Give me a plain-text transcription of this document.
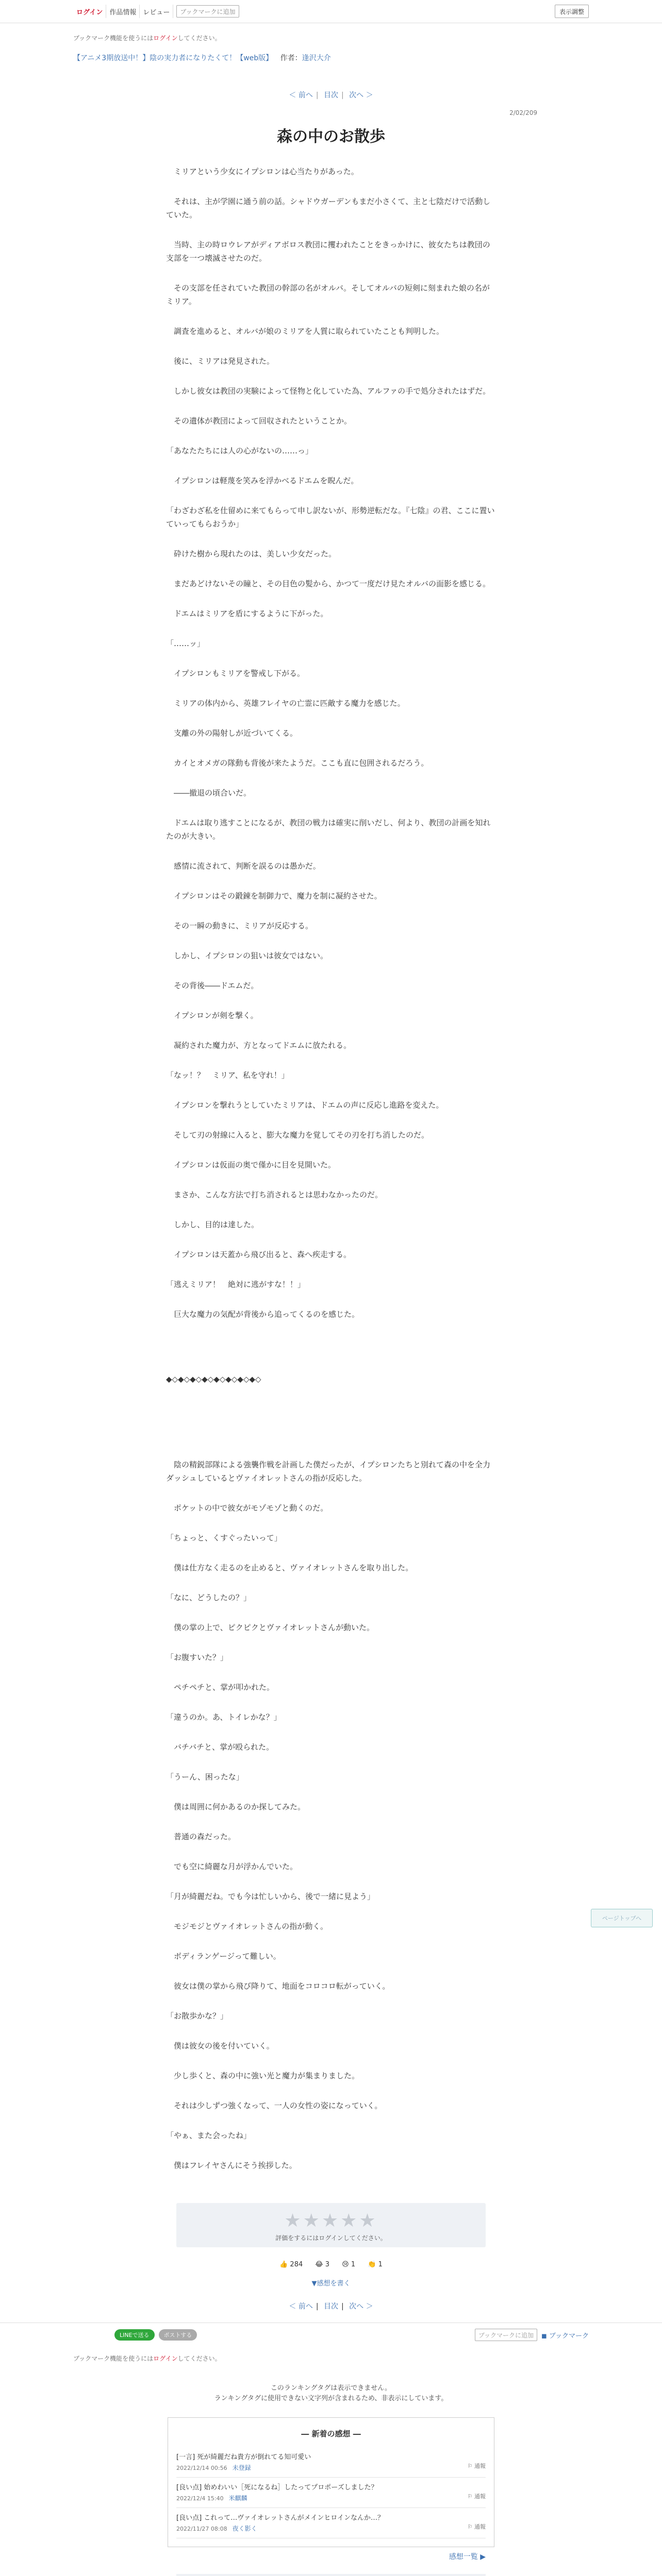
ログイン	作品情報	レビュー	ブックマークに追加	表示調整
ブックマーク機能を使うにはログインしてください。
【アニメ3期放送中！】陰の実力者になりたくて！【web版】 作者：逢沢大介
＜ 前へ | 目次 | 次へ ＞
2/02/209
森の中のお散歩

　ミリアという少女にイプシロンは心当たりがあった。

　それは、主が学園に通う前の話。シャドウガーデンもまだ小さくて、主と七陰だけで活動していた。

　当時、主の時ロウレアがディアボロス教団に攫われたことをきっかけに、彼女たちは教団の支部を一つ壊滅させたのだ。

　その支部を任されていた教団の幹部の名がオルバ。そしてオルバの短剣に刻まれた娘の名がミリア。

　調査を進めると、オルバが娘のミリアを人質に取られていたことも判明した。

　後に、ミリアは発見された。

　しかし彼女は教団の実験によって怪物と化していた為、アルファの手で処分されたはずだ。

　その遺体が教団によって回収されたということか。

「あなたたちには人の心がないの……っ」

　イプシロンは軽蔑を笑みを浮かべるドエムを睨んだ。

「わざわざ私を仕留めに来てもらって申し訳ないが、形勢逆転だな。『七陰』の君、ここに置いていってもらおうか」

　砕けた樹から現れたのは、美しい少女だった。

　まだあどけないその瞳と、その目色の髪から、かつて一度だけ見たオルバの面影を感じる。

　ドエムはミリアを盾にするように下がった。

「……ッ」

　イプシロンもミリアを警戒し下がる。

　ミリアの体内から、英雄フレイヤの亡霊に匹敵する魔力を感じた。

　支離の外の陽射しが近づいてくる。

　カイとオメガの隊動も背後が来たようだ。ここも直に包囲されるだろう。

　――撤退の頃合いだ。

　ドエムは取り逃すことになるが、教団の戦力は確実に削いだし、何より、教団の計画を知れたのが大きい。

　感情に流されて、判断を誤るのは愚かだ。

　イプシロンはその鍛錬を制御力で、魔力を制に凝約させた。

　その一瞬の動きに、ミリアが反応する。

　しかし、イプシロンの狙いは彼女ではない。

　その背後――ドエムだ。

　イプシロンが剣を撃く。

　凝約された魔力が、方となってドエムに放たれる。

「なッ！？　ミリア、私を守れ！」

　イプシロンを撃れうとしていたミリアは、ドエムの声に反応し進路を変えた。

　そして刃の射線に入ると、膨大な魔力を覚してその刃を打ち消したのだ。

　イプシロンは仮面の奥で僅かに目を見開いた。

　まさか、こんな方法で打ち消されるとは思わなかったのだ。

　しかし、目的は達した。

　イプシロンは天蓋から飛び出ると、森へ疾走する。

「逃えミリア！　絶対に逃がすな！！」

　巨大な魔力の気配が背後から追ってくるのを感じた。

◆◇◆◇◆◇◆◇◆◇◆◇◆◇◆◇

　陰の精鋭部隊による強襲作戦を計画した僕だったが、イプシロンたちと別れて森の中を全力ダッシュしているとヴァイオレットさんの指が反応した。

　ポケットの中で彼女がモゾモゾと動くのだ。

「ちょっと、くすぐったいって」

　僕は仕方なく走るのを止めると、ヴァイオレットさんを取り出した。

「なに、どうしたの？」

　僕の掌の上で、ピクピクとヴァイオレットさんが動いた。

「お腹すいた？」

　ペチペチと、掌が叩かれた。

「違うのか。あ、トイレかな？」

　バチバチと、掌が殴られた。

「うーん、困ったな」

　僕は周囲に何かあるのか探してみた。

　普通の森だった。

　でも空に綺麗な月が浮かんでいた。

「月が綺麗だね。でも今は忙しいから、後で一緒に見よう」

　モジモジとヴァイオレットさんの指が動く。

　ボディランゲージって難しい。

　彼女は僕の掌から飛び降りて、地面をコロコロ転がっていく。

「お散歩かな？」

　僕は彼女の後を付いていく。

　少し歩くと、森の中に強い光と魔力が集まりました。

　それは少しずつ強くなって、一人の女性の姿になっていく。

「やぁ、また会ったね」

　僕はフレイヤさんにそう挨拶した。

ページトップへ
★★★★★
評価をするにはログインしてください。
👍 284 😂 3 😢 1 👏 1
▼感想を書く
＜ 前へ | 目次 | 次へ ＞
LINEで送る	ポストする	ブックマークに追加	◼ ブックマーク
ブックマーク機能を使うにはログインしてください。
このランキングタグは表示できません。
ランキングタグに使用できない文字列が含まれるため、非表示にしています。
― 新着の感想 ―
[一言] 死が綺麗だね貴方が倒れてる知可愛い
2022/12/14 00:56 未登録	⚐ 通報
[良い点] 始めわいい［死になるね］したってプロポーズしました？
2022/12/4 15:40 米麒麟	⚐ 通報
[良い点] これって…ヴァイオレットさんがメインヒロインなんか…？
2022/11/27 08:08 夜く影く	⚐ 通報
感想一覧 ▶
